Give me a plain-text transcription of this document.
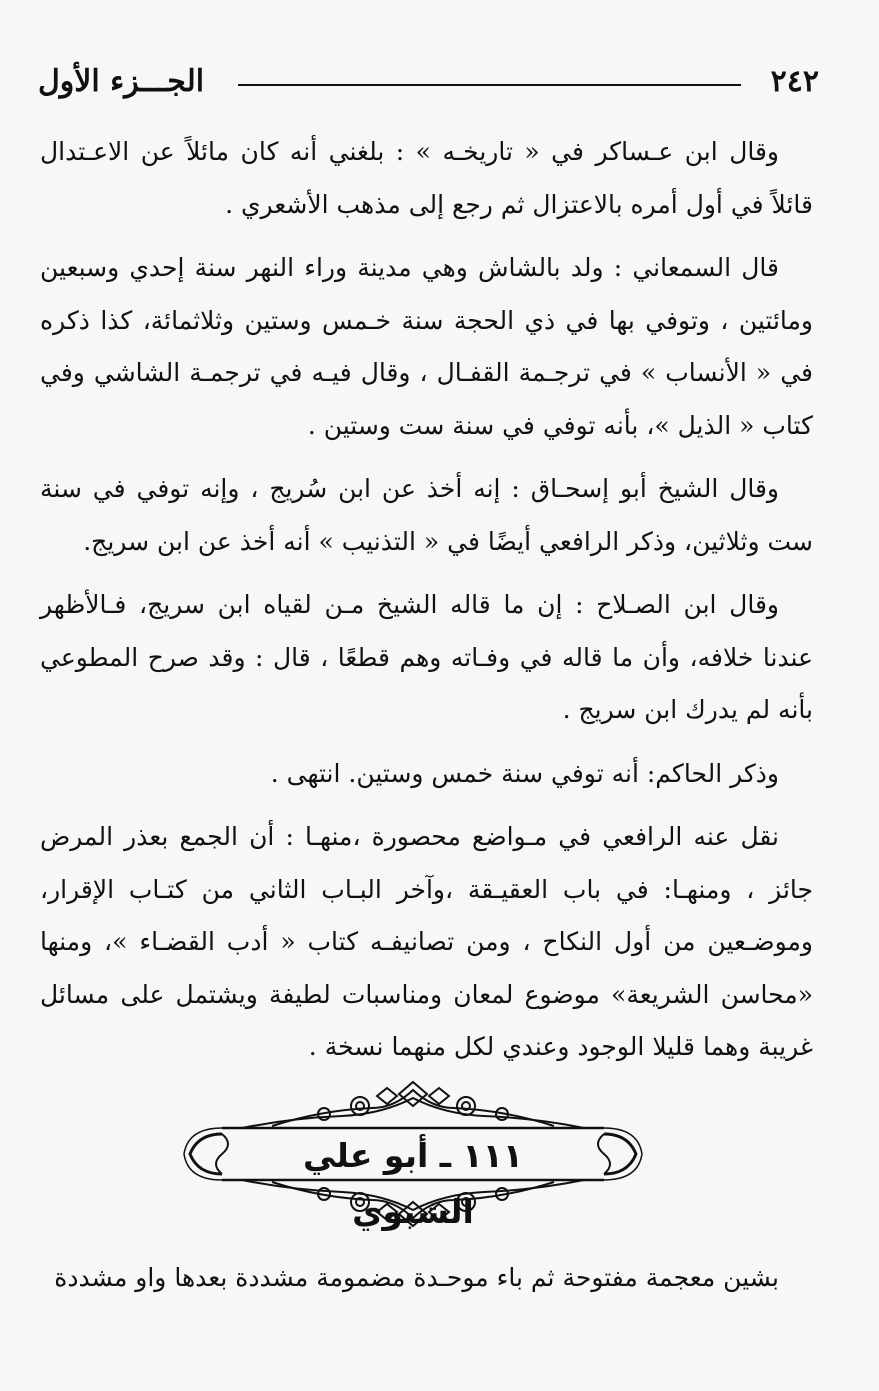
٢٤٢
الجـــزء الأول

وقال ابن عـساكر في « تاريخـه » : بلغني أنه كان مائلاً عن الاعـتدال قائلاً في أول أمره بالاعتزال ثم رجع إلى مذهب الأشعري .

قال السمعاني : ولد بالشاش وهي مدينة وراء النهر سنة إحدي وسبعين ومائتين ، وتوفي بها في ذي الحجة سنة خـمس وستين وثلاثمائة، كذا ذكره في « الأنساب » في ترجـمة القفـال ، وقال فيـه في ترجمـة الشاشي وفي كتاب « الذيل »، بأنه توفي في سنة ست وستين .

وقال الشيخ أبو إسحـاق : إنه أخذ عن ابن سُريج ، وإنه توفي في سنة ست وثلاثين، وذكر الرافعي أيضًا في « التذنيب » أنه أخذ عن ابن سريج.

وقال ابن الصـلاح : إن ما قاله الشيخ مـن لقياه ابن سريج، فـالأظهر عندنا خلافه، وأن ما قاله في وفـاته وهم قطعًا ، قال : وقد صرح المطوعي بأنه لم يدرك ابن سريج .

وذكر الحاكم: أنه توفي سنة خمس وستين. انتهى .

نقل عنه الرافعي في مـواضع محصورة ،منهـا : أن الجمع بعذر المرض جائز ، ومنهـا: في باب العقيـقة ،وآخر البـاب الثاني من كتـاب الإقرار، وموضـعين من أول النكاح ، ومن تصانيفـه كتاب « أدب القضـاء »، ومنها «محاسن الشريعة» موضوع لمعان ومناسبات لطيفة ويشتمل على مسائل غريبة وهما قليلا الوجود وعندي لكل منهما نسخة .

١١١ ـ أبو علي الشبوي
بشين معجمة مفتوحة ثم باء موحـدة مضمومة مشددة بعدها واو مشددة
